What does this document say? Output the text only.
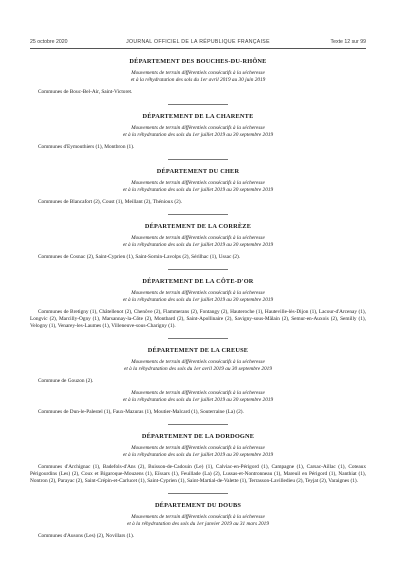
25 octobre 2020	JOURNAL OFFICIEL DE LA RÉPUBLIQUE FRANÇAISE	Texte 12 sur 99
DÉPARTEMENT DES BOUCHES-DU-RHÔNE
Mouvements de terrain différentiels consécutifs à la sécheresse
et à la réhydratation des sols du 1er avril 2019 au 30 juin 2019
Communes de Bouc-Bel-Air, Saint-Victoret.
DÉPARTEMENT DE LA CHARENTE
Mouvements de terrain différentiels consécutifs à la sécheresse
et à la réhydratation des sols du 1er juillet 2019 au 30 septembre 2019
Communes d'Eymouthiers (1), Montbron (1).
DÉPARTEMENT DU CHER
Mouvements de terrain différentiels consécutifs à la sécheresse
et à la réhydratation des sols du 1er juillet 2019 au 30 septembre 2019
Communes de Blancafort (2), Coust (1), Meillant (2), Théniouх (2).
DÉPARTEMENT DE LA CORRÈZE
Mouvements de terrain différentiels consécutifs à la sécheresse
et à la réhydratation des sols du 1er juillet 2019 au 30 septembre 2019
Communes de Cosnac (2), Saint-Cyprien (1), Saint-Sornin-Lavolps (2), Sérilhac (1), Ussac (2).
DÉPARTEMENT DE LA CÔTE-D'OR
Mouvements de terrain différentiels consécutifs à la sécheresse
et à la réhydratation des sols du 1er juillet 2019 au 30 septembre 2019
Communes de Bretigny (1), Châtellenot (2), Chenôve (2), Flammerans (2), Fontangy (2), Hauteroche (1), Hauteville-lès-Dijon (1), Lacour-d'Arcenay (1), Longvic (2), Marcilly-Ogny (1), Marsannay-la-Côte (2), Montbard (2), Saint-Apollinaire (2), Savigny-sous-Mâlain (2), Semur-en-Auxois (2), Semilly (1), Velogny (1), Venarey-les-Laumes (1), Villeneuve-sous-Charigny (1).
DÉPARTEMENT DE LA CREUSE
Mouvements de terrain différentiels consécutifs à la sécheresse
et à la réhydratation des sols du 1er avril 2019 au 30 septembre 2019
Commune de Gouzon (2).
Mouvements de terrain différentiels consécutifs à la sécheresse
et à la réhydratation des sols du 1er juillet 2019 au 30 septembre 2019
Communes de Dun-le-Palestel (1), Faux-Mazuras (1), Moutier-Malcard (1), Souterraine (La) (2).
DÉPARTEMENT DE LA DORDOGNE
Mouvements de terrain différentiels consécutifs à la sécheresse
et à la réhydratation des sols du 1er juillet 2019 au 30 septembre 2019
Communes d'Archignac (1), Badefols-d'Ans (2), Buisson-de-Cadouin (Le) (1), Calviac-en-Périgord (1), Campagne (1), Carsac-Aillac (1), Coteaux Périgourdins (Les) (2), Coux et Bigaroque-Mouzens (1), Eïssars (1), Feuillade (La) (2), Lussas-et-Nontronneau (1), Mareuil en Périgord (1), Nanthiat (1), Nontron (2), Parayac (2), Saint-Crépin-et-Carlucet (1), Saint-Cyprien (1), Saint-Martial-de-Valette (1), Terrasson-Lavilledieu (2), Teyjat (2), Varaignes (1).
DÉPARTEMENT DU DOUBS
Mouvements de terrain différentiels consécutifs à la sécheresse
et à la réhydratation des sols du 1er janvier 2019 au 31 mars 2019
Communes d'Ausons (Les) (2), Novillars (1).
